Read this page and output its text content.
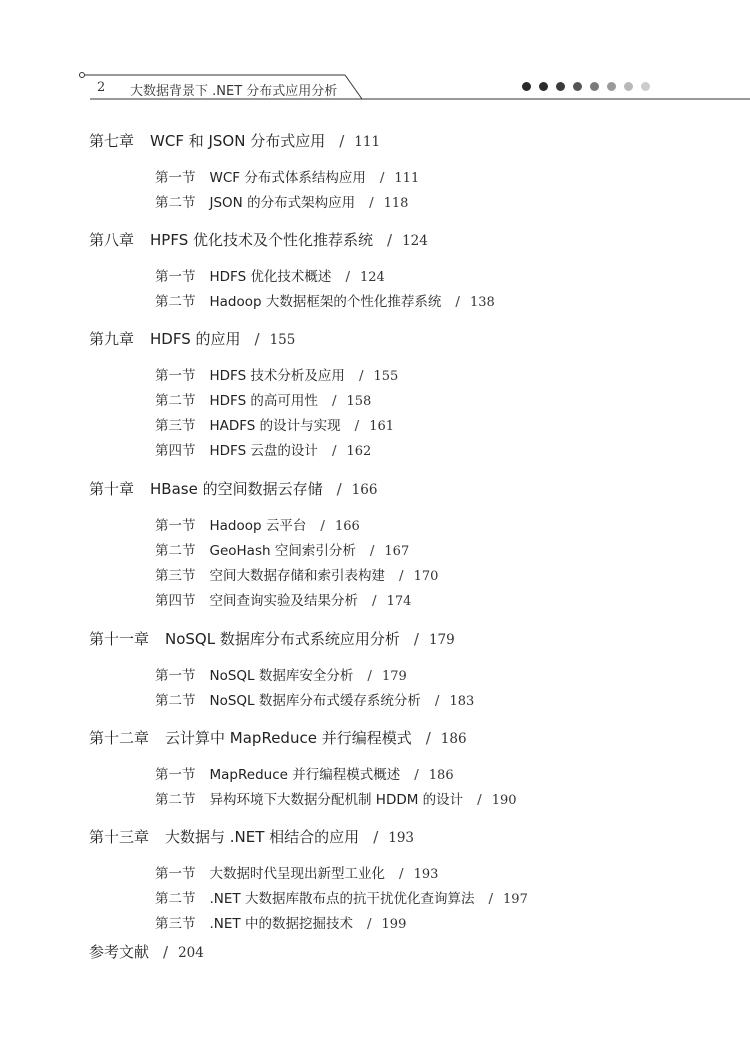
2 大数据背景下 .NET 分布式应用分析
第七章 WCF 和 JSON 分布式应用 / 111
第一节 WCF 分布式体系结构应用 / 111
第二节 JSON 的分布式架构应用 / 118
第八章 HPFS 优化技术及个性化推荐系统 / 124
第一节 HDFS 优化技术概述 / 124
第二节 Hadoop 大数据框架的个性化推荐系统 / 138
第九章 HDFS 的应用 / 155
第一节 HDFS 技术分析及应用 / 155
第二节 HDFS 的高可用性 / 158
第三节 HADFS 的设计与实现 / 161
第四节 HDFS 云盘的设计 / 162
第十章 HBase 的空间数据云存储 / 166
第一节 Hadoop 云平台 / 166
第二节 GeoHash 空间索引分析 / 167
第三节 空间大数据存储和索引表构建 / 170
第四节 空间查询实验及结果分析 / 174
第十一章 NoSQL 数据库分布式系统应用分析 / 179
第一节 NoSQL 数据库安全分析 / 179
第二节 NoSQL 数据库分布式缓存系统分析 / 183
第十二章 云计算中 MapReduce 并行编程模式 / 186
第一节 MapReduce 并行编程模式概述 / 186
第二节 异构环境下大数据分配机制 HDDM 的设计 / 190
第十三章 大数据与 .NET 相结合的应用 / 193
第一节 大数据时代呈现出新型工业化 / 193
第二节 .NET 大数据库散布点的抗干扰优化查询算法 / 197
第三节 .NET 中的数据挖掘技术 / 199
参考文献 / 204
